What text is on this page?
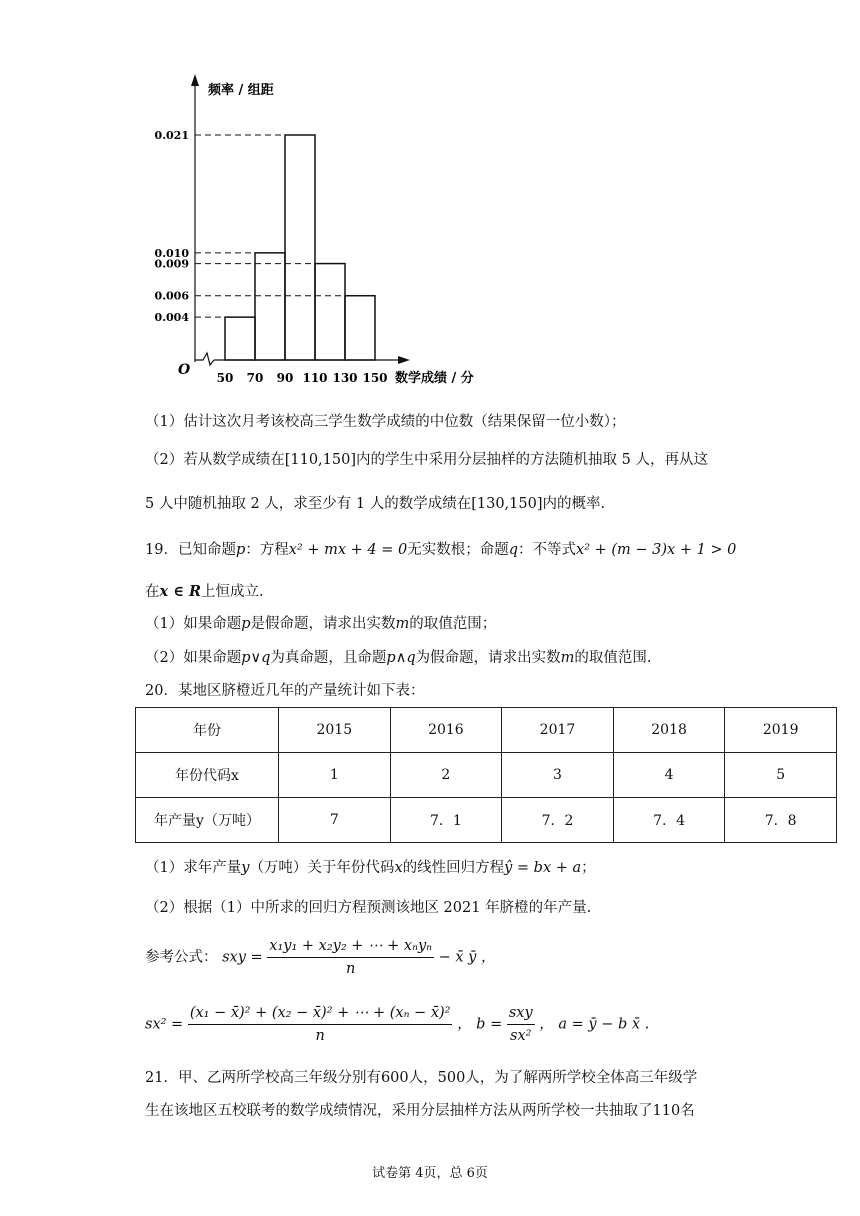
0.004
0.006
0.009
0.010
0.021
50 70 90 110 130 150
频率 / 组距
数学成绩 / 分
O
（1）估计这次月考该校高三学生数学成绩的中位数（结果保留一位小数）；
（2）若从数学成绩在[110,150]内的学生中采用分层抽样的方法随机抽取 5 人，再从这
5 人中随机抽取 2 人，求至少有 1 人的数学成绩在[130,150]内的概率.
19．已知命题p：方程x² + mx + 4 = 0无实数根；命题q：不等式x² + (m − 3)x + 1 > 0
在x ∈ R上恒成立.
（1）如果命题p是假命题，请求出实数m的取值范围；
（2）如果命题p∨q为真命题，且命题p∧q为假命题，请求出实数m的取值范围.
20．某地区脐橙近几年的产量统计如下表：
年份	2015	2016	2017	2018	2019
年份代码x	1	2	3	4	5
年产量y（万吨）	7	7．1	7．2	7．4	7．8
（1）求年产量y（万吨）关于年份代码x的线性回归方程ŷ = bx + a；
（2）根据（1）中所求的回归方程预测该地区 2021 年脐橙的年产量.
参考公式： sxy = $\frac{\text{x₁y₁ + x₂y₂ + ⋯ + xₙyₙ}}{n}$ − x̄ ȳ ，
$sx^2 = \frac{\text{(x₁ − x̄)² + (x₂ − x̄)² + ⋯ + (xₙ − x̄)²}}{n}$ ， $b = \frac{\text{sxy}}{\text{sx²}}$ ， a = ȳ − b x̄ .
21．甲、乙两所学校高三年级分别有600人，500人，为了解两所学校全体高三年级学
生在该地区五校联考的数学成绩情况，采用分层抽样方法从两所学校一共抽取了110名
试卷第 4页，总 6页
